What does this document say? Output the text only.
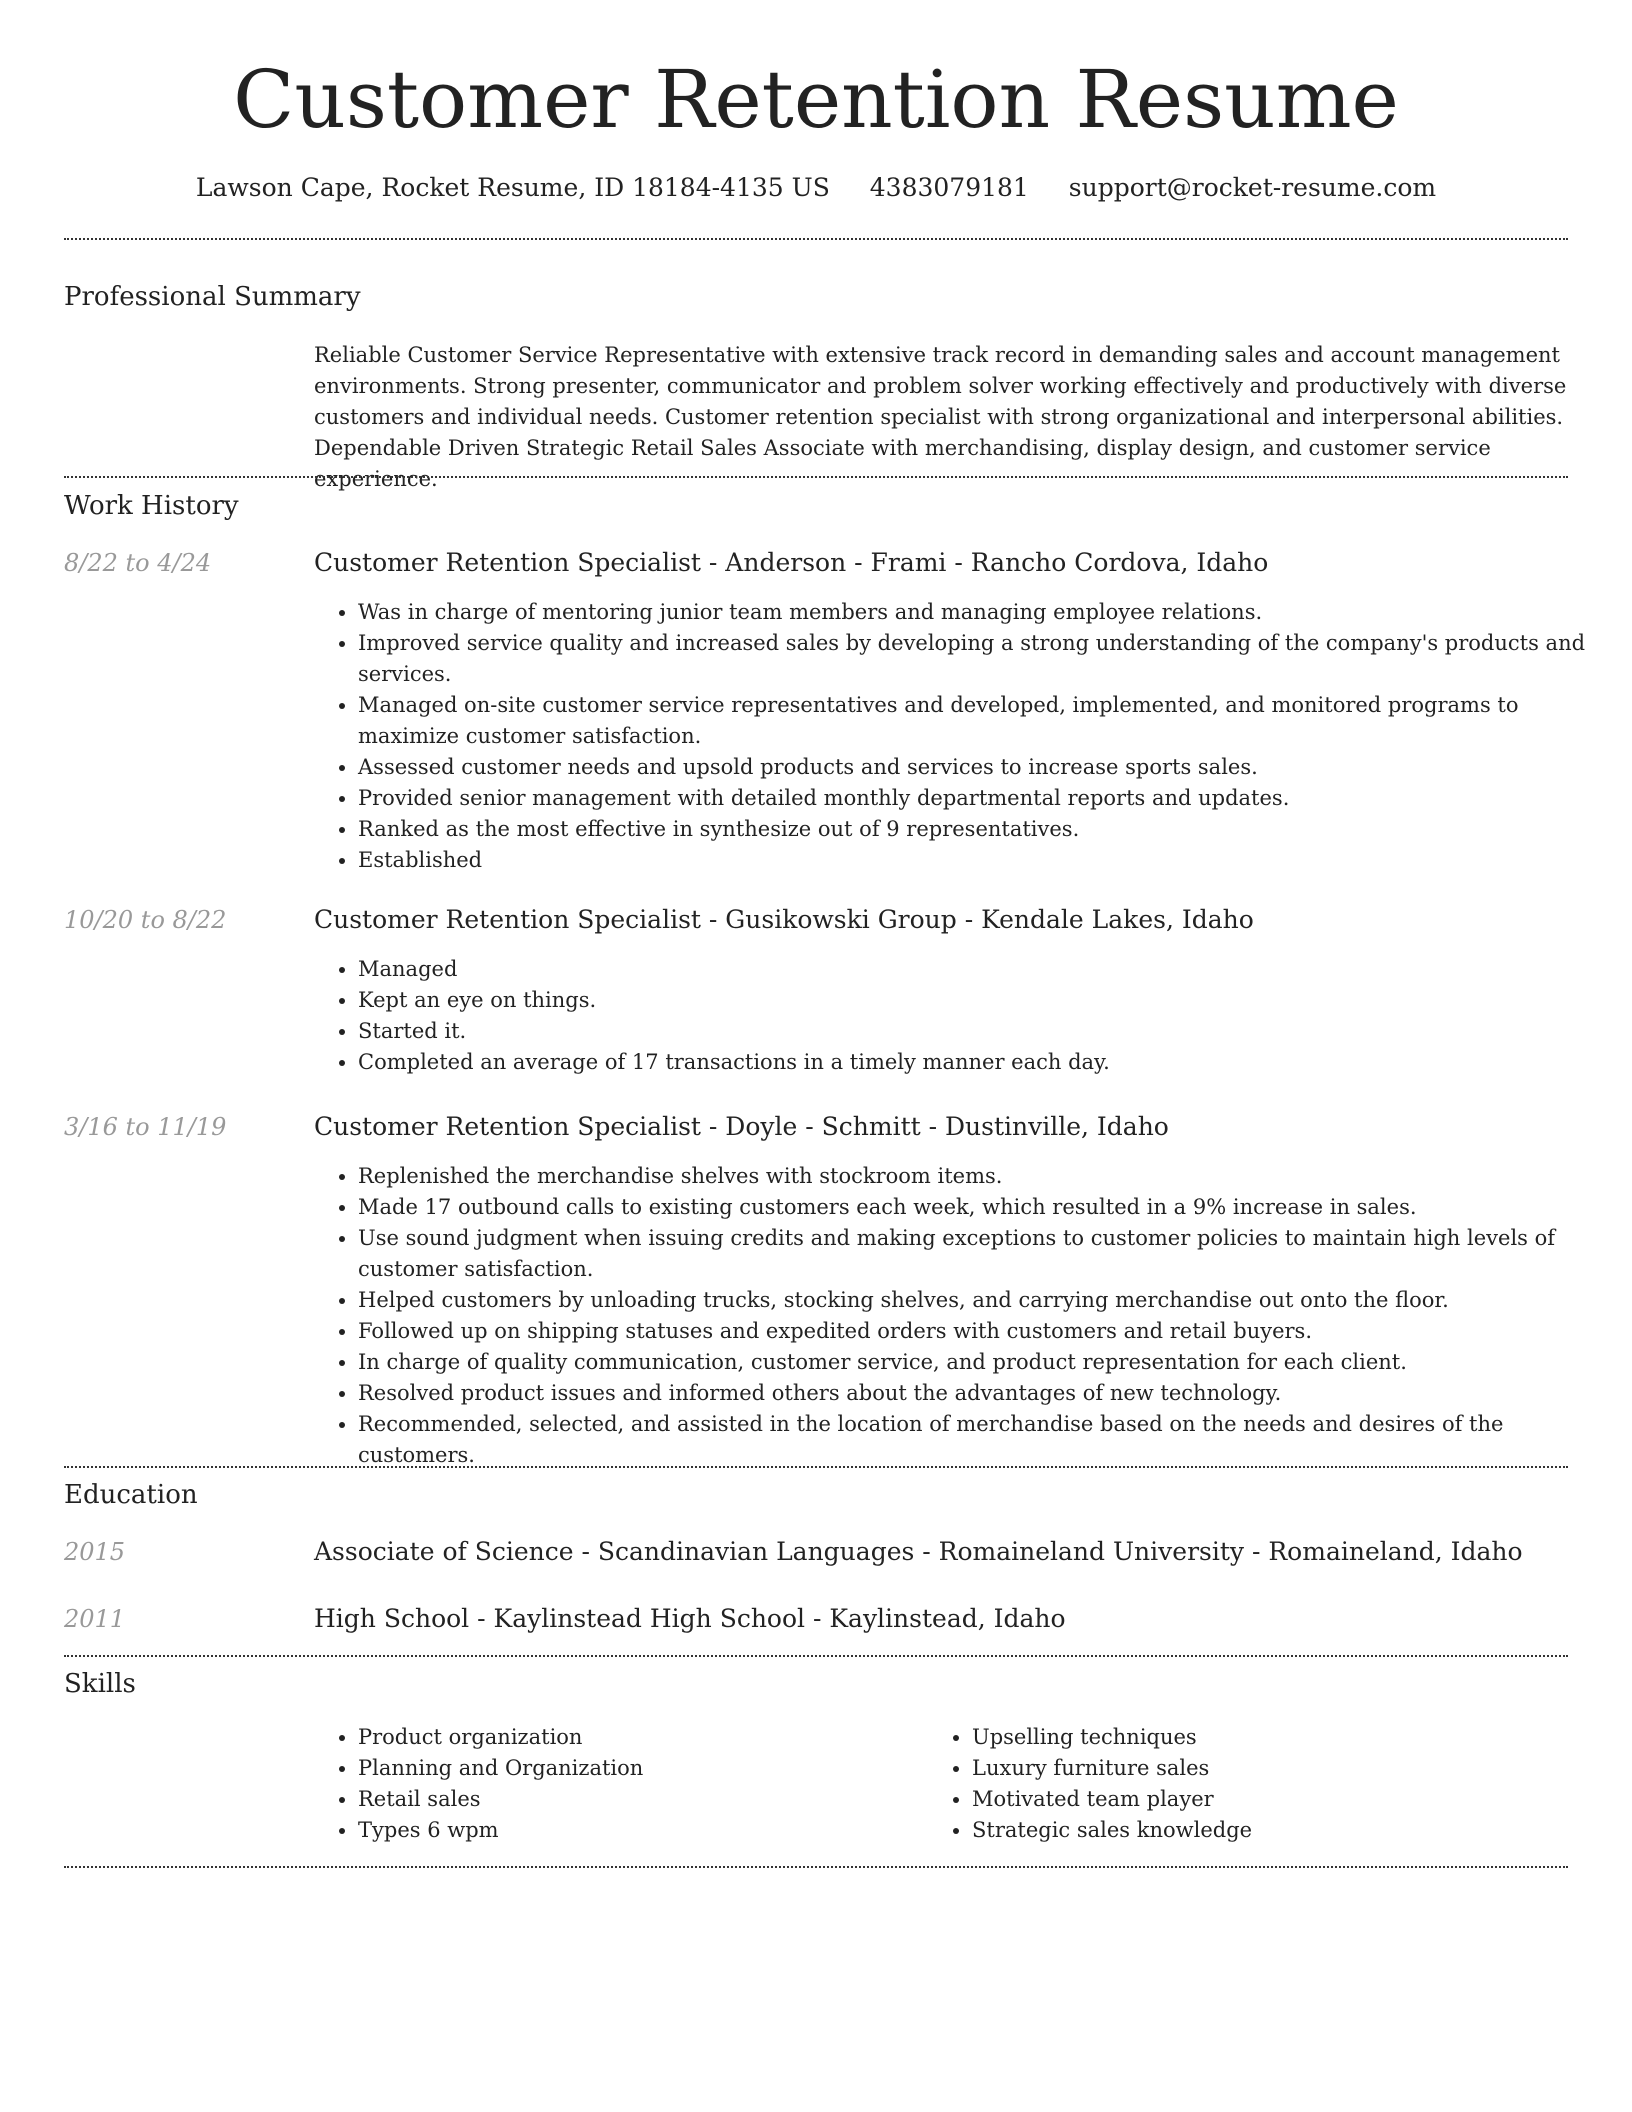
Customer Retention Resume
Lawson Cape, Rocket Resume, ID 18184-4135 US 4383079181 support@rocket-resume.com
Professional Summary

Reliable Customer Service Representative with extensive track record in demanding sales and account management environments. Strong presenter, communicator and problem solver working effectively and productively with diverse customers and individual needs. Customer retention specialist with strong organizational and interpersonal abilities. Dependable Driven Strategic Retail Sales Associate with merchandising, display design, and customer service experience.

Work History
8/22 to 4/24	Customer Retention Specialist - Anderson - Frami - Rancho Cordova, Idaho
• Was in charge of mentoring junior team members and managing employee relations.
• Improved service quality and increased sales by developing a strong understanding of the company's products and services.
• Managed on-site customer service representatives and developed, implemented, and monitored programs to maximize customer satisfaction.
• Assessed customer needs and upsold products and services to increase sports sales.
• Provided senior management with detailed monthly departmental reports and updates.
• Ranked as the most effective in synthesize out of 9 representatives.
• Established
10/20 to 8/22	Customer Retention Specialist - Gusikowski Group - Kendale Lakes, Idaho
• Managed
• Kept an eye on things.
• Started it.
• Completed an average of 17 transactions in a timely manner each day.
3/16 to 11/19	Customer Retention Specialist - Doyle - Schmitt - Dustinville, Idaho
• Replenished the merchandise shelves with stockroom items.
• Made 17 outbound calls to existing customers each week, which resulted in a 9% increase in sales.
• Use sound judgment when issuing credits and making exceptions to customer policies to maintain high levels of customer satisfaction.
• Helped customers by unloading trucks, stocking shelves, and carrying merchandise out onto the floor.
• Followed up on shipping statuses and expedited orders with customers and retail buyers.
• In charge of quality communication, customer service, and product representation for each client.
• Resolved product issues and informed others about the advantages of new technology.
• Recommended, selected, and assisted in the location of merchandise based on the needs and desires of the customers.
Education
2015	Associate of Science - Scandinavian Languages - Romaineland University - Romaineland, Idaho
2011	High School - Kaylinstead High School - Kaylinstead, Idaho
Skills
• Product organization
• Planning and Organization
• Retail sales
• Types 6 wpm
• Upselling techniques
• Luxury furniture sales
• Motivated team player
• Strategic sales knowledge
